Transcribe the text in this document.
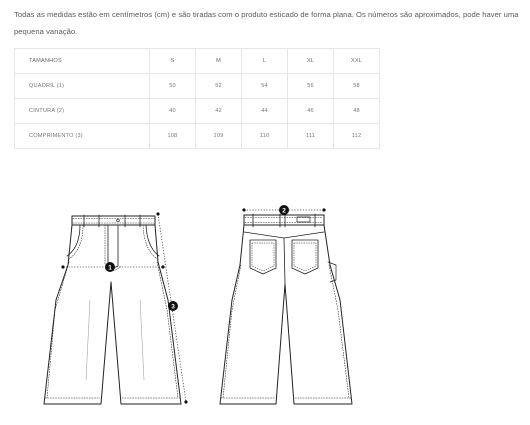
Todas as medidas estão em centímetros (cm) e são tiradas com o produto esticado de forma plana. Os números são aproximados, pode haver uma pequena variação.
TAMANHOS	S	M	L	XL	XXL
QUADRIL (1)	50	52	54	56	58
CINTURA (2)	40	42	44	46	48
COMPRIMENTO (3)	108	109	110	111	112
1
2
3
